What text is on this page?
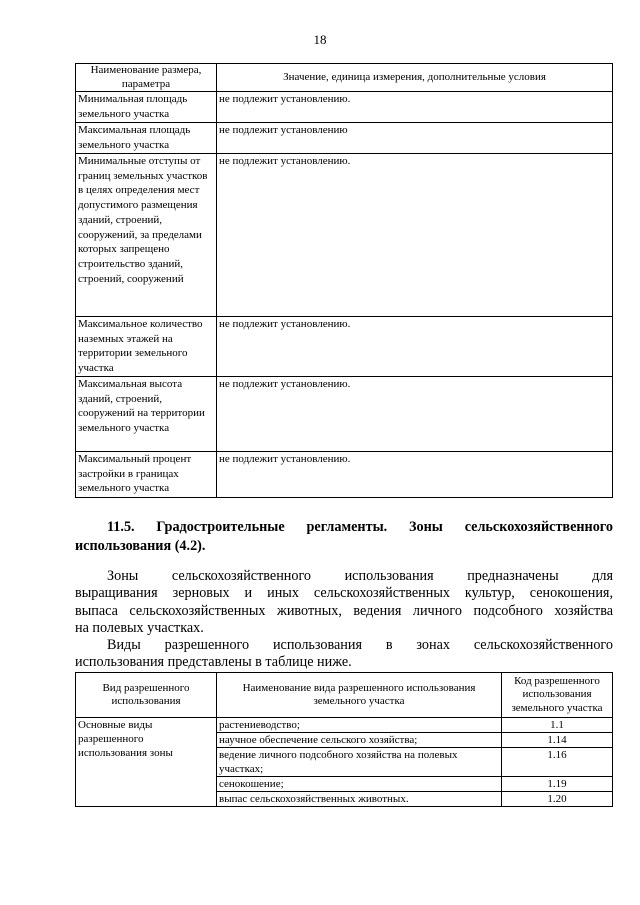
18
Наименование размера, параметра	Значение, единица измерения, дополнительные условия
Минимальная площадь земельного участка	не подлежит установлению.
Максимальная площадь земельного участка	не подлежит установлению
Минимальные отступы от границ земельных участков в целях определения мест допустимого размещения зданий, строений, сооружений, за пределами которых запрещено строительство зданий, строений, сооружений	не подлежит установлению.
Максимальное количество наземных этажей на территории земельного участка	не подлежит установлению.
Максимальная высота зданий, строений, сооружений на территории земельного участка	не подлежит установлению.
Максимальный процент застройки в границах земельного участка	не подлежит установлению.
11.5. Градостроительные регламенты. Зоны сельскохозяйственного
использования (4.2).
Зоны сельскохозяйственного использования предназначены для
выращивания зерновых и иных сельскохозяйственных культур, сенокошения,
выпаса сельскохозяйственных животных, ведения личного подсобного хозяйства
на полевых участках.
Виды разрешенного использования в зонах сельскохозяйственного
использования представлены в таблице ниже.
Вид разрешенного использования	Наименование вида разрешенного использования земельного участка	Код разрешенного использования земельного участка
Основные виды разрешенного использования зоны	растениеводство;	1.1
	научное обеспечение сельского хозяйства;	1.14
	ведение личного подсобного хозяйства на полевых участках;	1.16
	сенокошение;	1.19
	выпас сельскохозяйственных животных.	1.20
